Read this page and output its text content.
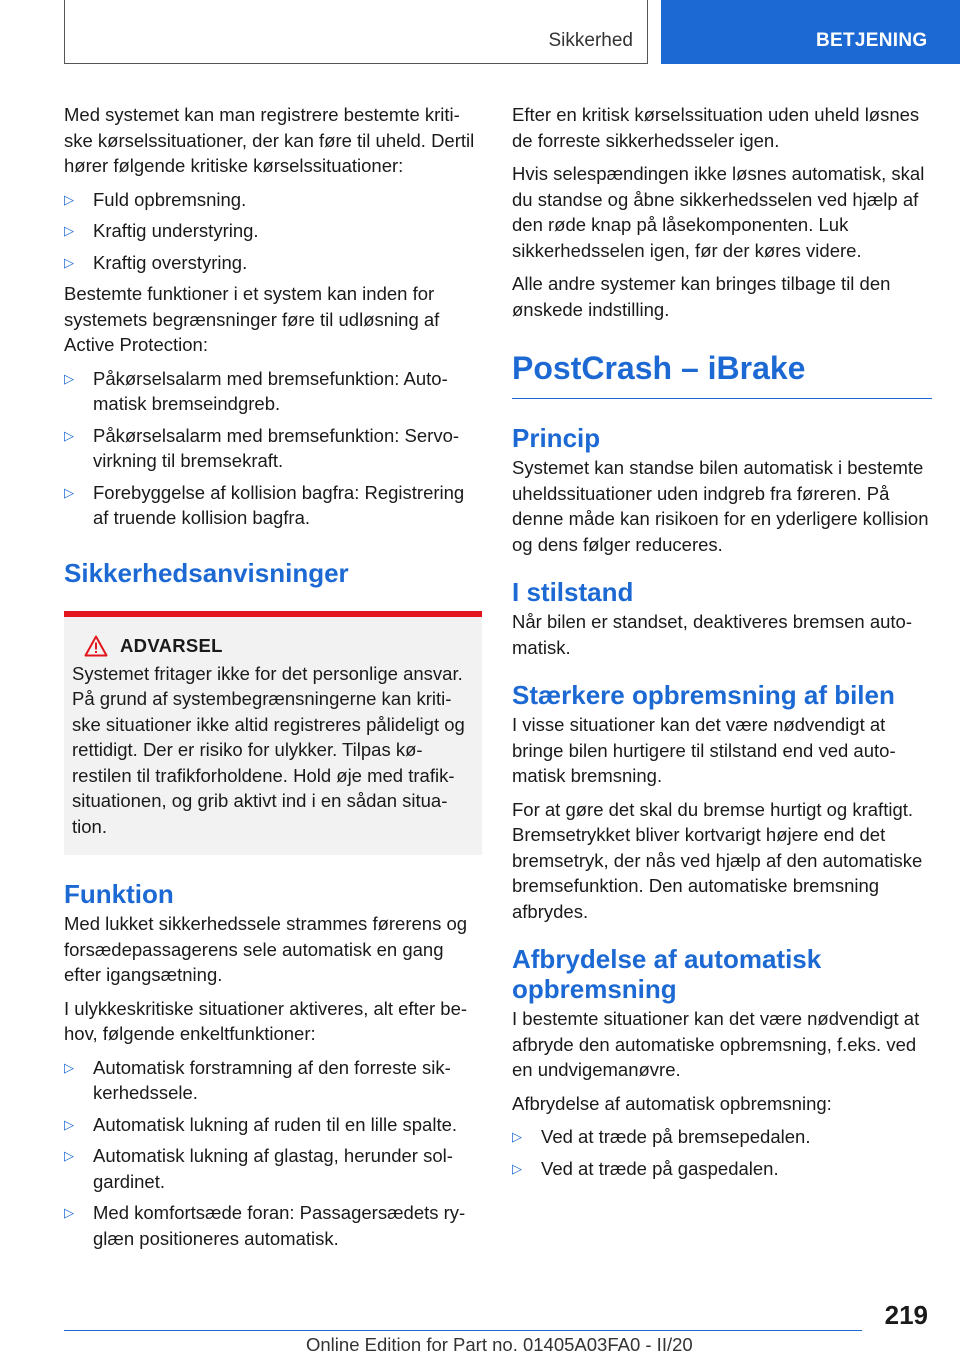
Sikkerhed	BETJENING

Med systemet kan man registrere bestemte kritiske kørselssituationer, der kan føre til uheld. Dertil hører følgende kritiske kørselssituationer:

▷ Fuld opbremsning.
▷ Kraftig understyring.
▷ Kraftig overstyring.

Bestemte funktioner i et system kan inden for systemets begrænsninger føre til udløsning af Active Protection:

▷ Påkørselsalarm med bremsefunktion: Automatisk bremseindgreb.
▷ Påkørselsalarm med bremsefunktion: Servovirkning til bremsekraft.
▷ Forebyggelse af kollision bagfra: Registrering af truende kollision bagfra.
Sikkerhedsanvisninger
ADVARSEL

Systemet fritager ikke for det personlige ansvar. På grund af systembegrænsningerne kan kritiske situationer ikke altid registreres pålideligt og rettidigt. Der er risiko for ulykker. Tilpas kørestilen til trafikforholdene. Hold øje med trafiksituationen, og grib aktivt ind i en sådan situation.

Funktion

Med lukket sikkerhedssele strammes førerens og forsædepassagerens sele automatisk en gang efter igangsætning.

I ulykkeskritiske situationer aktiveres, alt efter behov, følgende enkeltfunktioner:

▷ Automatisk forstramning af den forreste sikkerhedssele.
▷ Automatisk lukning af ruden til en lille spalte.
▷ Automatisk lukning af glastag, herunder solgardinet.
▷ Med komfortsæde foran: Passagersædets ryglæn positioneres automatisk.

Efter en kritisk kørselssituation uden uheld løsnes de forreste sikkerhedsseler igen.

Hvis selespændingen ikke løsnes automatisk, skal du standse og åbne sikkerhedsselen ved hjælp af den røde knap på låsekomponenten. Luk sikkerhedsselen igen, før der køres videre.

Alle andre systemer kan bringes tilbage til den ønskede indstilling.

PostCrash – iBrake
Princip

Systemet kan standse bilen automatisk i bestemte uheldssituationer uden indgreb fra føreren. På denne måde kan risikoen for en yderligere kollision og dens følger reduceres.

I stilstand

Når bilen er standset, deaktiveres bremsen automatisk.

Stærkere opbremsning af bilen

I visse situationer kan det være nødvendigt at bringe bilen hurtigere til stilstand end ved automatisk bremsning.

For at gøre det skal du bremse hurtigt og kraftigt. Bremsetrykket bliver kortvarigt højere end det bremsetryk, der nås ved hjælp af den automatiske bremsefunktion. Den automatiske bremsning afbrydes.

Afbrydelse af automatisk opbremsning

I bestemte situationer kan det være nødvendigt at afbryde den automatiske opbremsning, f.eks. ved en undvigemanøvre.

Afbrydelse af automatisk opbremsning:

▷ Ved at træde på bremsepedalen.
▷ Ved at træde på gaspedalen.
219
Online Edition for Part no. 01405A03FA0 - II/20
